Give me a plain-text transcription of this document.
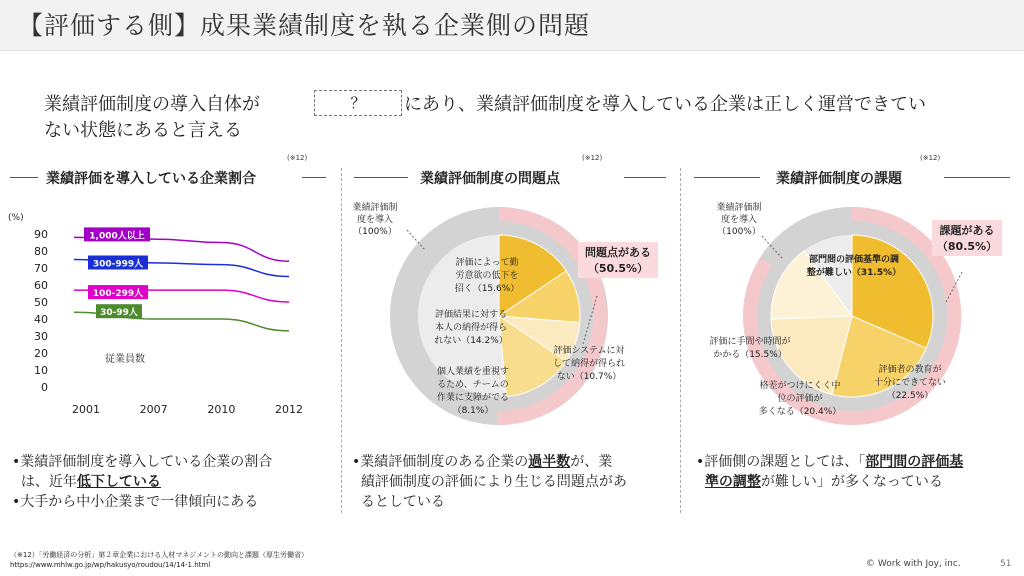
【評価する側】成果業績制度を執る企業側の問題
業績評価制度の導入自体が	？	にあり、業績評価制度を導入している企業は正しく運営できてい
ない状態にあると言える
(※12)
業績評価を導入している企業割合
(※12)
業績評価制度の問題点
(※12)
業績評価制度の課題
90
80
70
60
50
40
30
20
10
0
2001	2007	2010	2012
1,000人以上
300-999人
100-299人
30-99人
(%)
従業員数
業績評価制
度を導入
（100%）
問題点がある
（50.5%）
評価によって勤
労意欲の低下を
招く（15.6%）
評価結果に対する
本人の納得が得ら
れない（14.2%）
評価システムに対
して納得が得られ
ない（10.7%）
個人業績を重視す
るため、チームの
作業に支障がでる
（8.1%）
業績評価制
度を導入
（100%）	課題がある
（80.5%）
部門間の評価基準の調
整が難しい（31.5%）
評価者の教育が
十分にできてない
（22.5%）
格差がつけにくく中
位の評価が
多くなる（20.4%）
評価に手間や時間が
かかる（15.5%）
•業績評価制度を導入している企業の割合
は、近年低下している
•大手から中小企業まで一律傾向にある
•業績評価制度のある企業の過半数が、業
績評価制度の評価により生じる問題点があ
るとしている
•評価側の課題としては、「部門間の評価基
準の調整が難しい」が多くなっている
（※12）「労働経済の分析」第２章企業における人材マネジメントの動向と課題（厚生労働省）
https://www.mhlw.go.jp/wp/hakusyo/roudou/14/14-1.html	© Work with Joy, inc.	51
